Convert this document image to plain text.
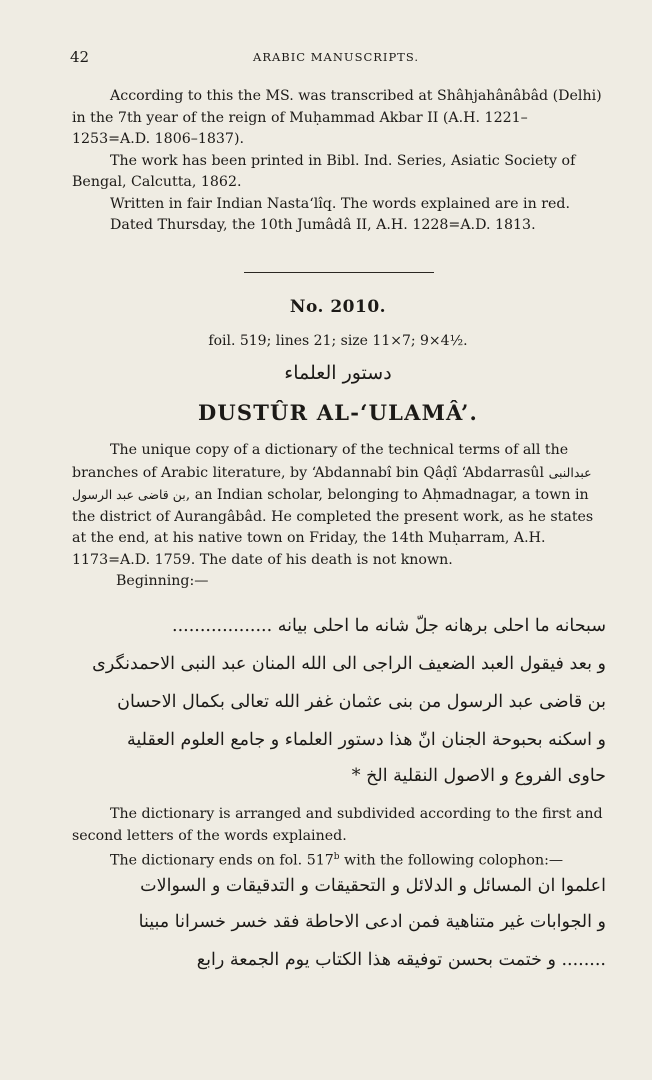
42	ARABIC MANUSCRIPTS.

According to this the MS. was transcribed at Shâhjahânâbâd (Delhi) in the 7th year of the reign of Muḥammad Akbar II (A.H. 1221–1253=A.D. 1806–1837).

The work has been printed in Bibl. Ind. Series, Asiatic Society of Bengal, Calcutta, 1862.

Written in fair Indian Nasta‘lîq. The words explained are in red.

Dated Thursday, the 10th Jumâdâ II, A.H. 1228=A.D. 1813.

No. 2010.
foil. 519; lines 21; size 11×7; 9×4½.
دستور العلماء
DUSTÛR AL-‘ULAMÂ’.

The unique copy of a dictionary of the technical terms of all the branches of Arabic literature, by ‘Abdannabî bin Qâḍî ‘Abdarrasûl عبدالنبی بن قاضی عبد الرسول, an Indian scholar, belonging to Aḥmadnagar, a town in the district of Aurangâbâd. He completed the present work, as he states at the end, at his native town on Friday, the 14th Muḥarram, A.H. 1173=A.D. 1759. The date of his death is not known.

Beginning:—

سبحانه ما احلى برهانه جلّ شانه ما احلى بيانه ..................
و بعد فيقول العبد الضعيف الراجى الى الله المنان عبد النبى الاحمدنگرى
بن قاضى عبد الرسول من بنى عثمان غفر الله تعالى بكمال الاحسان
و اسكنه بحبوحة الجنان انّ هذا دستور العلماء و جامع العلوم العقلية
حاوى الفروع و الاصول النقلية الخ *

The dictionary is arranged and subdivided according to the first and second letters of the words explained.

The dictionary ends on fol. 517$^b$ with the following colophon:—

اعلموا ان المسائل و الدلائل و التحقيقات و التدقيقات و السوالات
و الجوابات غير متناهية فمن ادعى الاحاطة فقد خسر خسرانا مبينا
........ و ختمت بحسن توفيقه هذا الكتاب يوم الجمعة رابع
